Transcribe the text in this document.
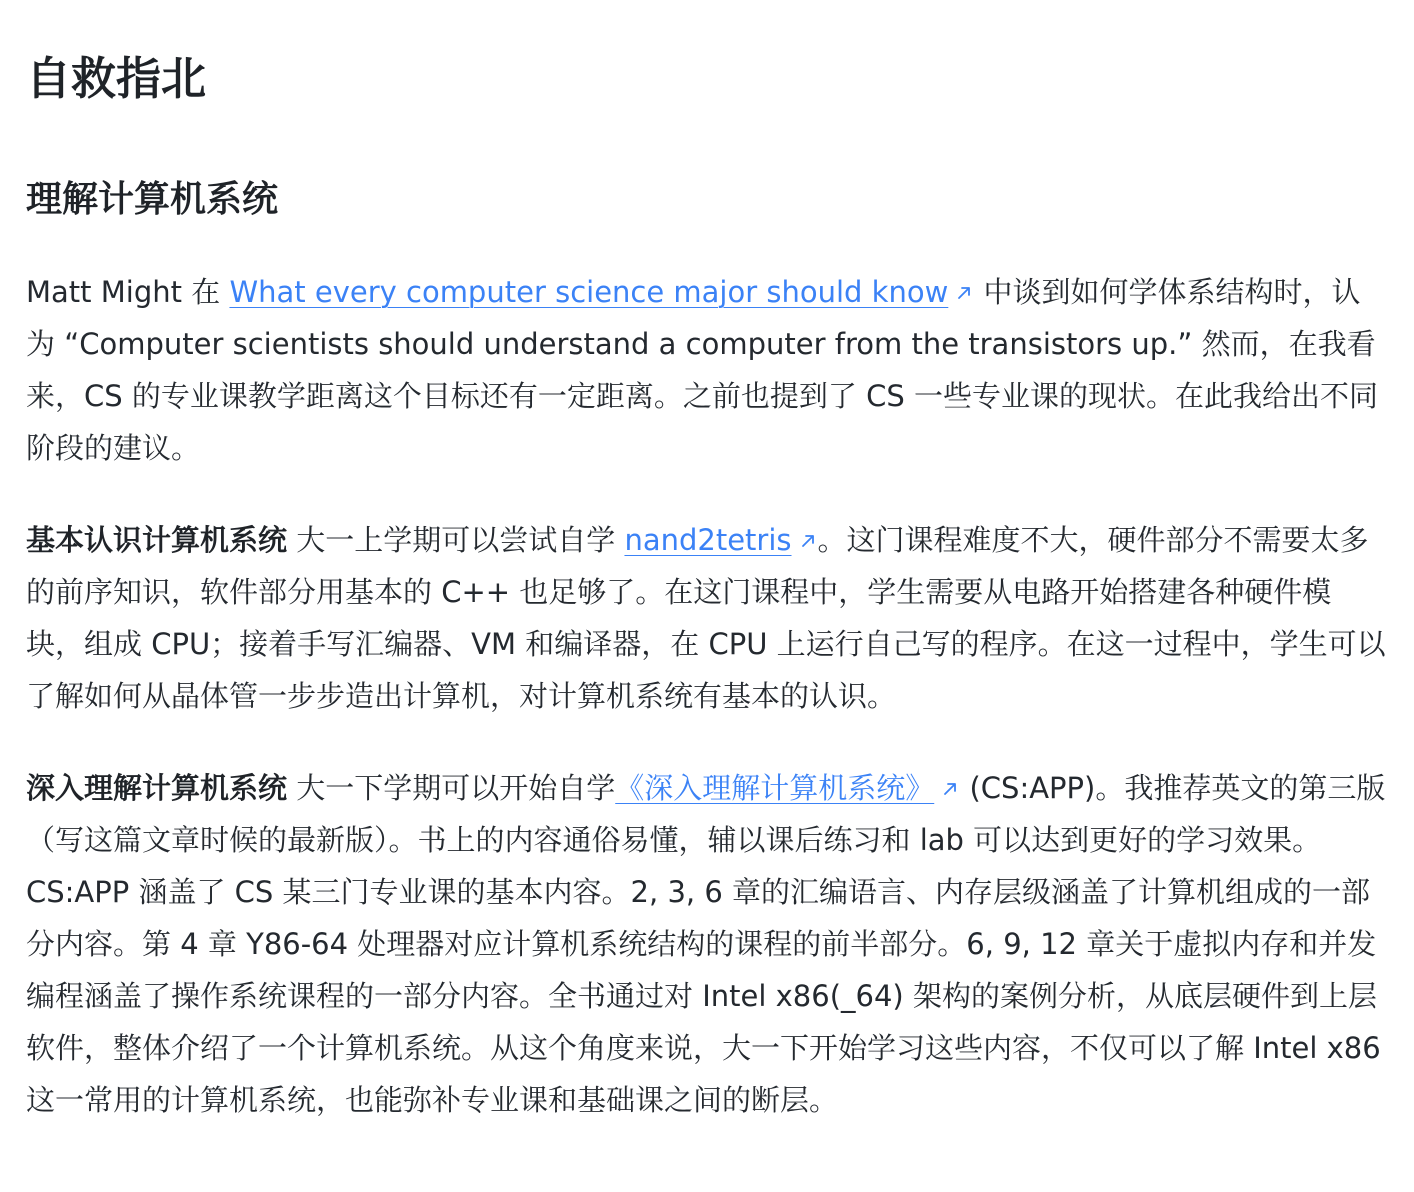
自救指北
理解计算机系统

Matt Might 在 What every computer science major should know
中谈到如何学体系结构时，认为 “Computer scientists should understand a computer from the transistors up.” 然而，在我看来，CS 的专业课教学距离这个目标还有一定距离。之前也提到了 CS 一些专业课的现状。在此我给出不同阶段的建议。

基本认识计算机系统 大一上学期可以尝试自学 nand2tetris 。这门课程难度不大，硬件部分不需要太多的前序知识，软件部分用基本的 C++ 也足够了。在这门课程中，学生需要从电路开始搭建各种硬件模块，组成 CPU；接着手写汇编器、VM 和编译器，在 CPU 上运行自己写的程序。在这一过程中，学生可以了解如何从晶体管一步步造出计算机，对计算机系统有基本的认识。

深入理解计算机系统 大一下学期可以开始自学《深入理解计算机系统》
(CS:APP)。我推荐英文的第三版（写这篇文章时候的最新版）。书上的内容通俗易懂，辅以课后练习和 lab 可以达到更好的学习效果。CS:APP 涵盖了 CS 某三门专业课的基本内容。2, 3, 6 章的汇编语言、内存层级涵盖了计算机组成的一部分内容。第 4 章 Y86-64 处理器对应计算机系统结构的课程的前半部分。6, 9, 12 章关于虚拟内存和并发编程涵盖了操作系统课程的一部分内容。全书通过对 Intel x86(_64) 架构的案例分析，从底层硬件到上层软件，整体介绍了一个计算机系统。从这个角度来说，大一下开始学习这些内容，不仅可以了解 Intel x86 这一常用的计算机系统，也能弥补专业课和基础课之间的断层。
